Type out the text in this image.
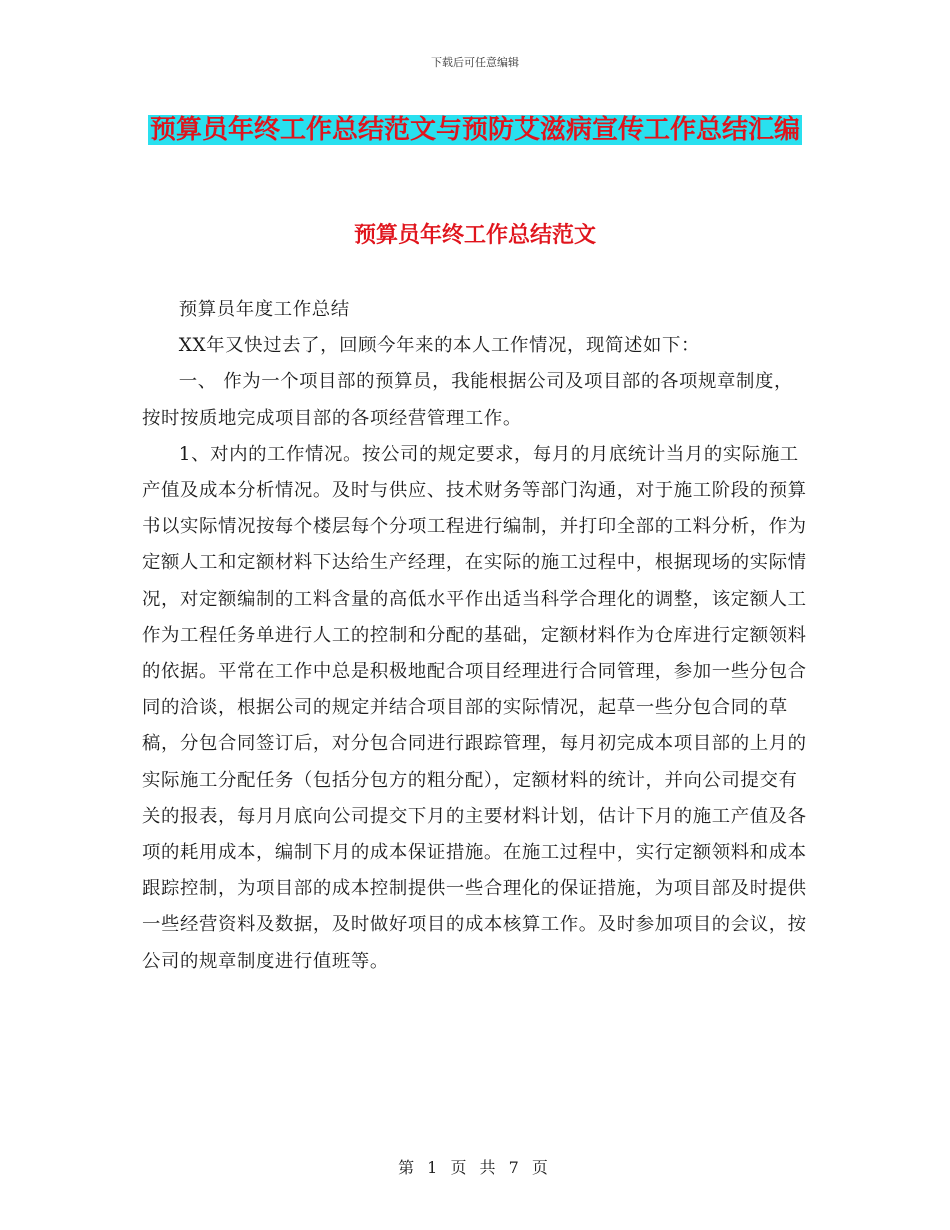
下载后可任意编辑
预算员年终工作总结范文与预防艾滋病宣传工作总结汇编
预算员年终工作总结范文

预算员年度工作总结

XX年又快过去了，回顾今年来的本人工作情况，现简述如下：

一、 作为一个项目部的预算员，我能根据公司及项目部的各项规章制度，按时按质地完成项目部的各项经营管理工作。

1、对内的工作情况。按公司的规定要求，每月的月底统计当月的实际施工产值及成本分析情况。及时与供应、技术财务等部门沟通，对于施工阶段的预算书以实际情况按每个楼层每个分项工程进行编制，并打印全部的工料分析，作为定额人工和定额材料下达给生产经理，在实际的施工过程中，根据现场的实际情况，对定额编制的工料含量的高低水平作出适当科学合理化的调整，该定额人工作为工程任务单进行人工的控制和分配的基础，定额材料作为仓库进行定额领料的依据。平常在工作中总是积极地配合项目经理进行合同管理，参加一些分包合同的洽谈，根据公司的规定并结合项目部的实际情况，起草一些分包合同的草稿，分包合同签订后，对分包合同进行跟踪管理，每月初完成本项目部的上月的实际施工分配任务（包括分包方的粗分配），定额材料的统计，并向公司提交有关的报表，每月月底向公司提交下月的主要材料计划，估计下月的施工产值及各项的耗用成本，编制下月的成本保证措施。在施工过程中，实行定额领料和成本跟踪控制，为项目部的成本控制提供一些合理化的保证措施，为项目部及时提供一些经营资料及数据，及时做好项目的成本核算工作。及时参加项目的会议，按公司的规章制度进行值班等。

第 1 页 共 7 页
